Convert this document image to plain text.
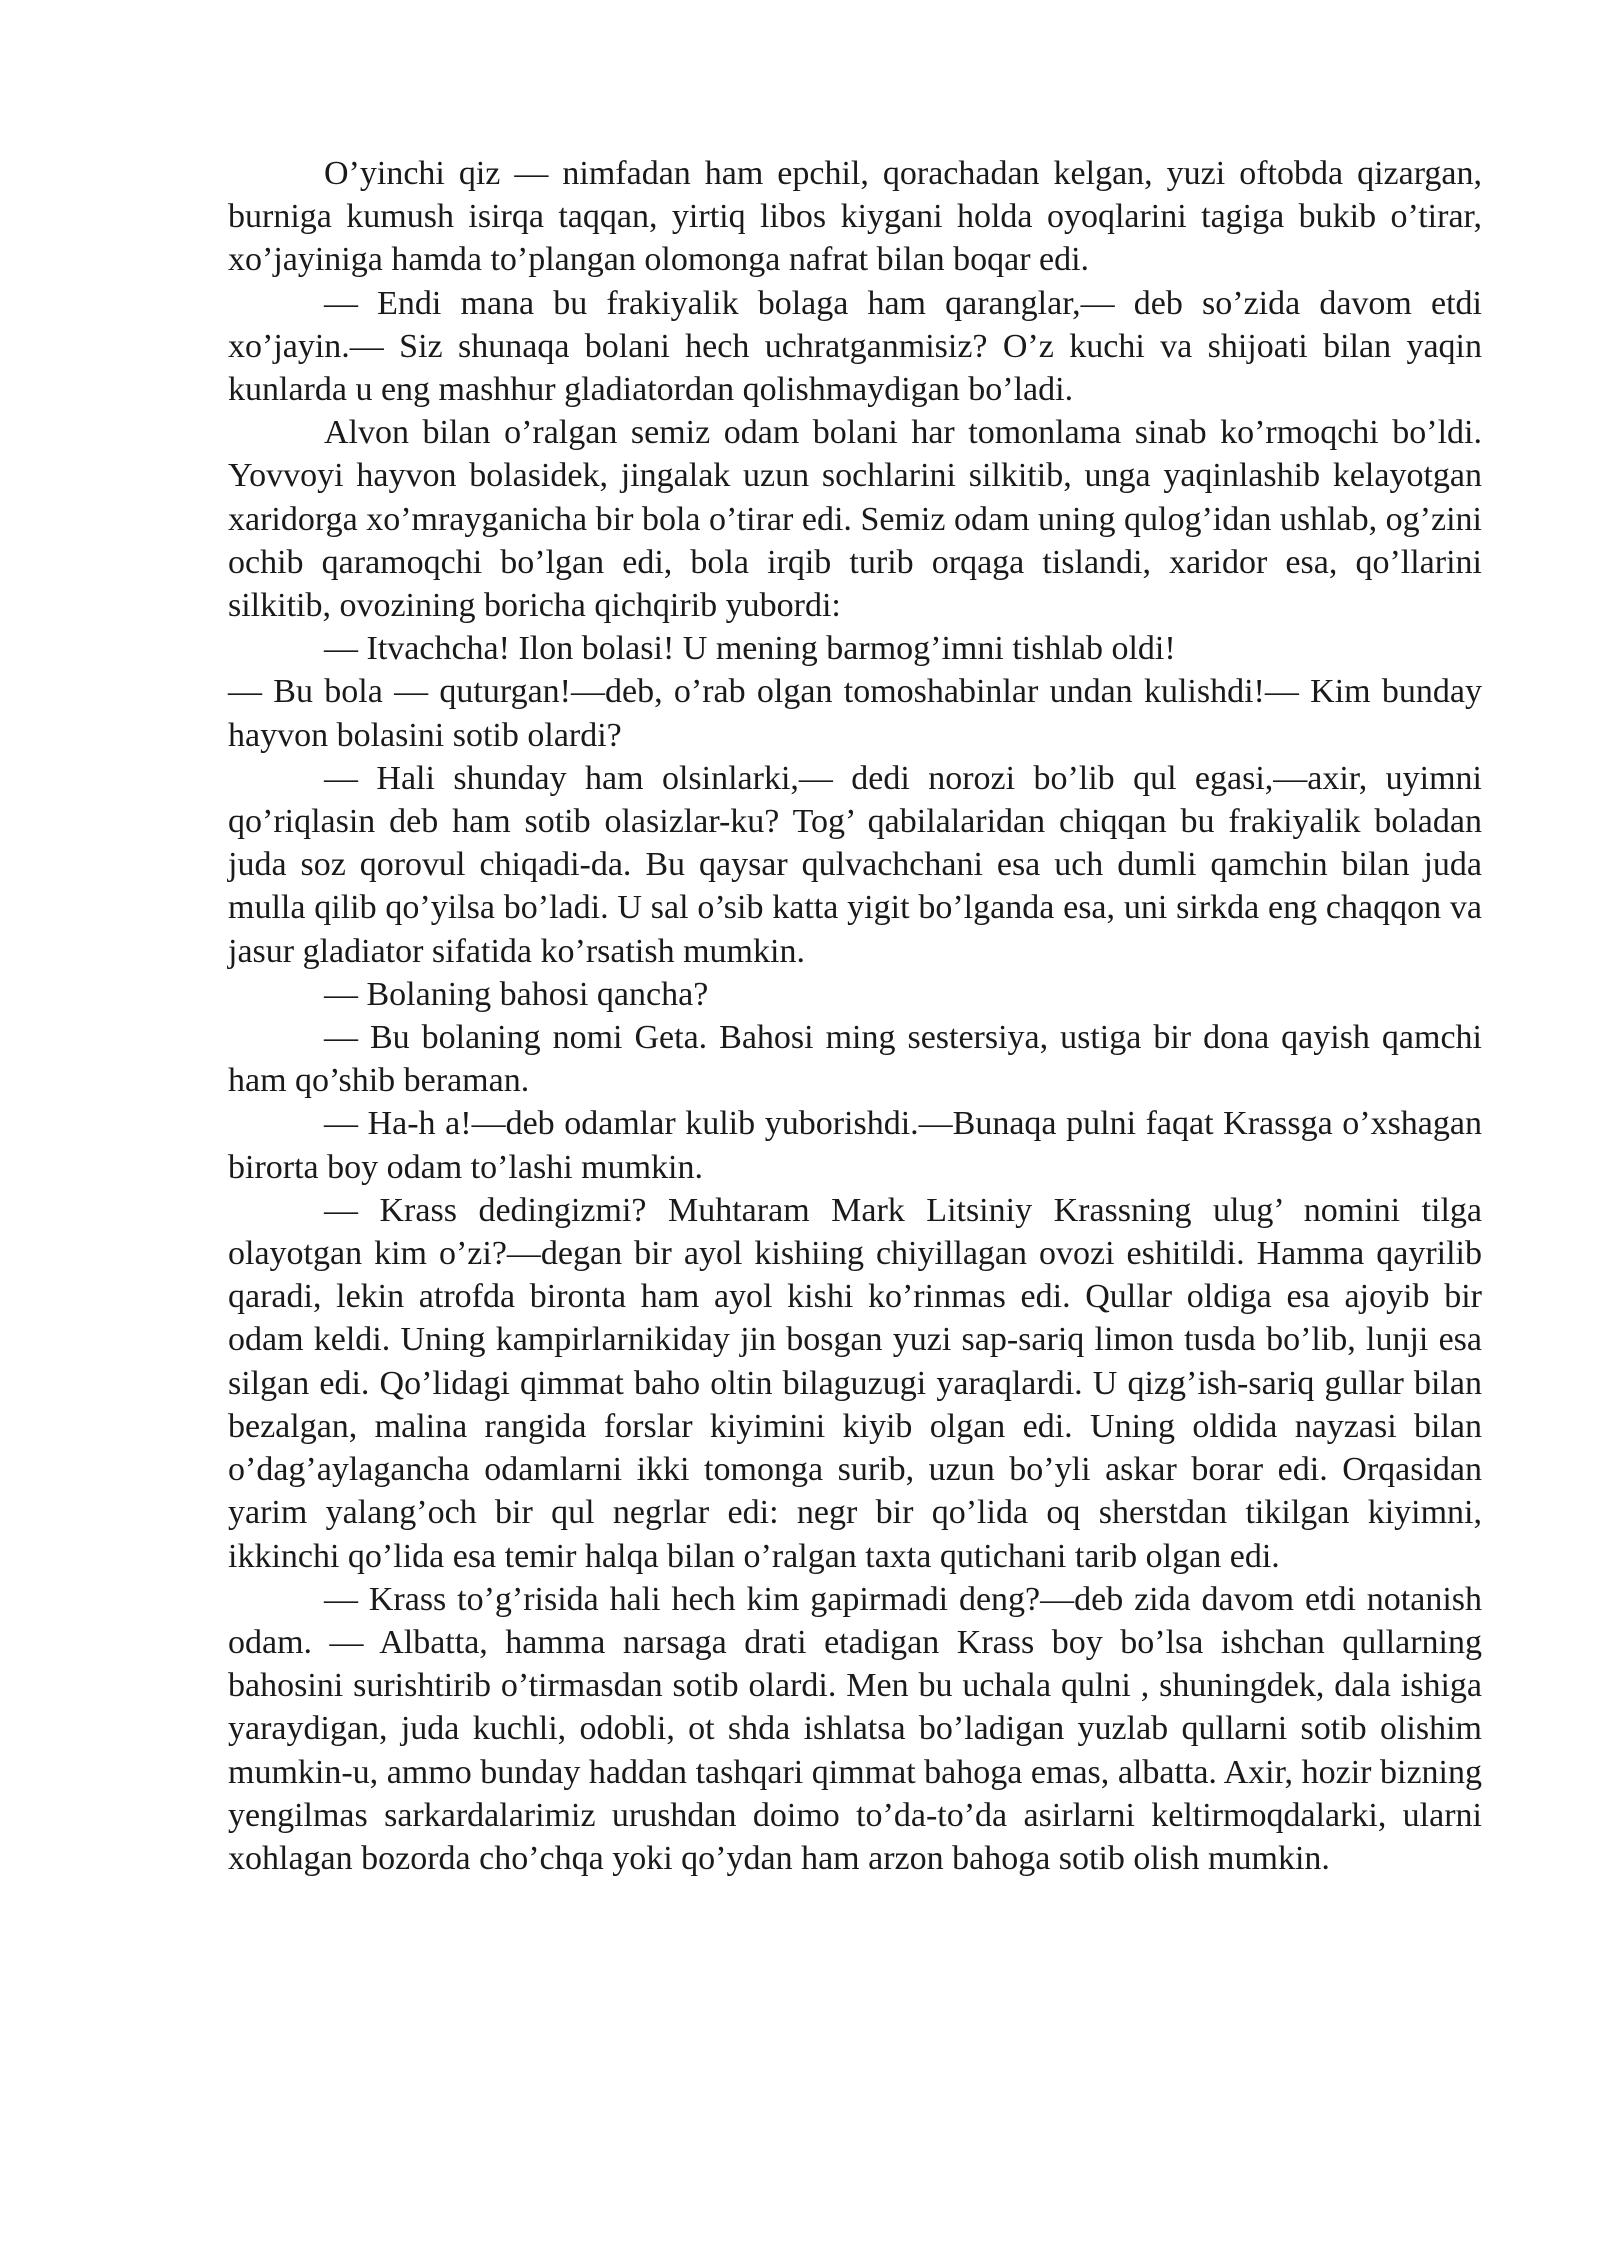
O’yinchi qiz — nimfadan ham epchil, qorachadan kelgan, yuzi oftobda qizargan, burniga kumush isirqa taqqan, yirtiq libos kiygani holda oyoqlarini tagiga bukib o’tirar, xo’jayiniga hamda to’plangan olomonga nafrat bilan boqar edi.

— Endi mana bu frakiyalik bolaga ham qaranglar,— deb so’zida davom etdi xo’jayin.— Siz shunaqa bolani hech uchratganmisiz? O’z kuchi va shijoati bilan yaqin kunlarda u eng mashhur gladiatordan qolishmaydigan bo’ladi.

Alvon bilan o’ralgan semiz odam bolani har tomonlama sinab ko’rmoqchi bo’ldi. Yovvoyi hayvon bolasidek, jingalak uzun sochlarini silkitib, unga yaqinlashib kelayotgan xaridorga xo’mrayganicha bir bola o’tirar edi. Semiz odam uning qulog’idan ushlab, og’zini ochib qaramoqchi bo’lgan edi, bola irqib turib orqaga tislandi, xaridor esa, qo’llarini silkitib, ovozining boricha qichqirib yubordi:

— Itvachcha! Ilon bolasi! U mening barmog’imni tishlab oldi!

— Bu bola — quturgan!—deb, o’rab olgan tomoshabinlar undan kulishdi!— Kim bunday hayvon bolasini sotib olardi?

— Hali shunday ham olsinlarki,— dedi norozi bo’lib qul egasi,—axir, uyimni qo’riqlasin deb ham sotib olasizlar-ku? Tog’ qabilalaridan chiqqan bu frakiyalik boladan juda soz qorovul chiqadi-da. Bu qaysar qulvachchani esa uch dumli qamchin bilan juda mulla qilib qo’yilsa bo’ladi. U sal o’sib katta yigit bo’lganda esa, uni sirkda eng chaqqon va jasur gladiator sifatida ko’rsatish mumkin.

— Bolaning bahosi qancha?

— Bu bolaning nomi Geta. Bahosi ming sestersiya, ustiga bir dona qayish qamchi ham qo’shib beraman.

— Ha-h a!—deb odamlar kulib yuborishdi.—Bunaqa pulni faqat Krassga o’xshagan birorta boy odam to’lashi mumkin.

— Krass dedingizmi? Muhtaram Mark Litsiniy Krassning ulug’ nomini tilga olayotgan kim o’zi?—degan bir ayol kishiing chiyillagan ovozi eshitildi. Hamma qayrilib qaradi, lekin atrofda bironta ham ayol kishi ko’rinmas edi. Qullar oldiga esa ajoyib bir odam keldi. Uning kampirlarnikiday jin bosgan yuzi sap-sariq limon tusda bo’lib, lunji esa silgan edi. Qo’lidagi qimmat baho oltin bilaguzugi yaraqlardi. U qizg’ish-sariq gullar bilan bezalgan, malina rangida forslar kiyimini kiyib olgan edi. Uning oldida nayzasi bilan o’dag’aylagancha odamlarni ikki tomonga surib, uzun bo’yli askar borar edi. Orqasidan yarim yalang’och bir qul negrlar edi: negr bir qo’lida oq sherstdan tikilgan kiyimni, ikkinchi qo’lida esa temir halqa bilan o’ralgan taxta qutichani tarib olgan edi.

— Krass to’g’risida hali hech kim gapirmadi deng?—deb zida davom etdi notanish odam. — Albatta, hamma narsaga drati etadigan Krass boy bo’lsa ishchan qullarning bahosini surishtirib o’tirmasdan sotib olardi. Men bu uchala qulni , shuningdek, dala ishiga yaraydigan, juda kuchli, odobli, ot shda ishlatsa bo’ladigan yuzlab qullarni sotib olishim mumkin-u, ammo bunday haddan tashqari qimmat bahoga emas, albatta. Axir, hozir bizning yengilmas sarkardalarimiz urushdan doimo to’da-to’da asirlarni keltirmoqdalarki, ularni xohlagan bozorda cho’chqa yoki qo’ydan ham arzon bahoga sotib olish mumkin.
